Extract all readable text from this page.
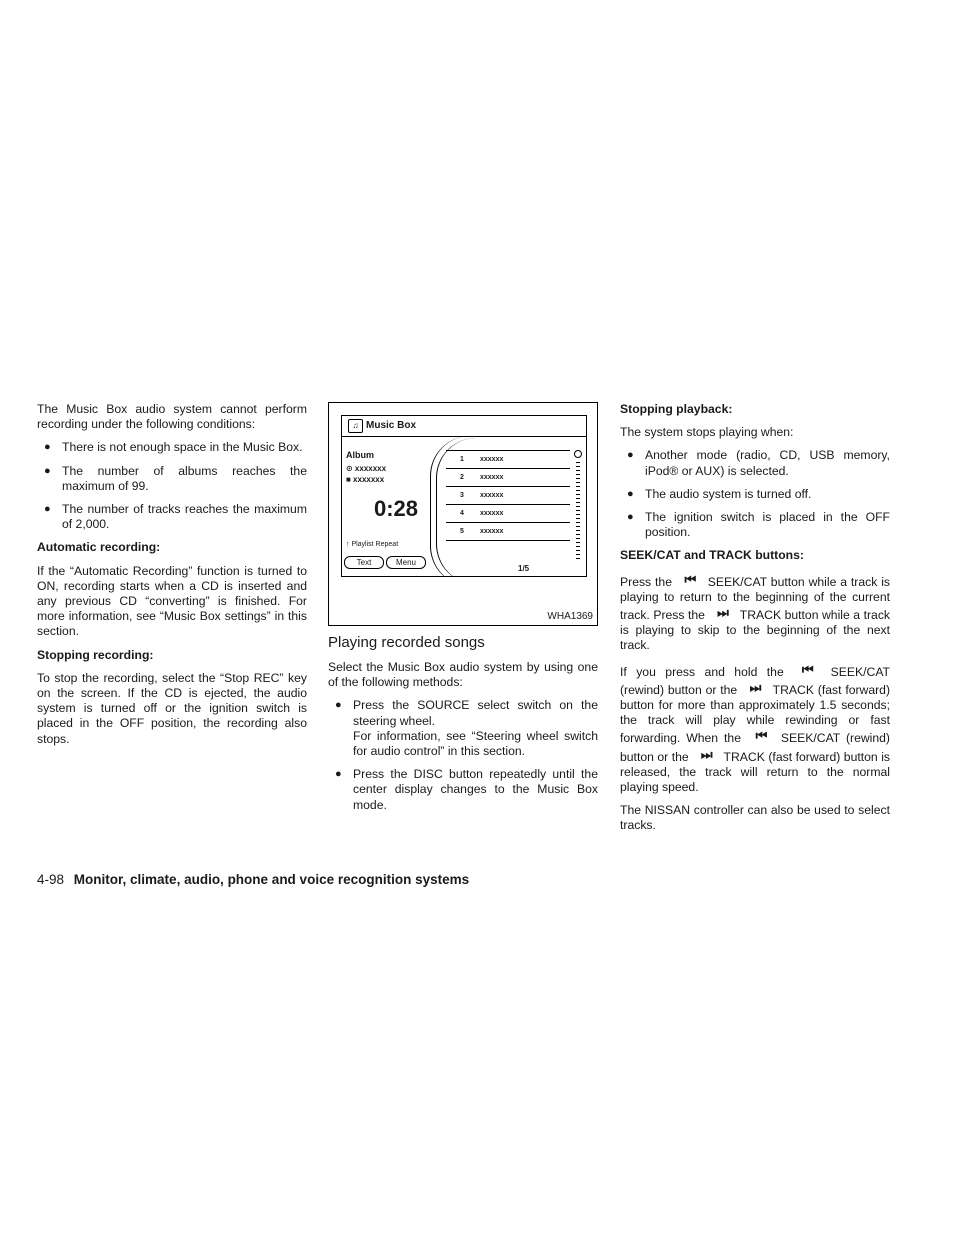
The Music Box audio system cannot perform recording under the following conditions:

● There is not enough space in the Music Box.
● The number of albums reaches the maximum of 99.
● The number of tracks reaches the maximum of 2,000.
Automatic recording:

If the “Automatic Recording” function is turned to ON, recording starts when a CD is inserted and any previous CD “converting” is finished. For more information, see “Music Box settings” in this section.

Stopping recording:

To stop the recording, select the “Stop REC” key on the screen. If the CD is ejected, the audio system is turned off or the ignition switch is placed in the OFF position, the recording also stops.

♫ Music Box
Album
⊙ xxxxxxx
■ xxxxxxx
0:28
↑ Playlist Repeat
Text	Menu
1 xxxxxx
2 xxxxxx
3 xxxxxx
4 xxxxxx
5 xxxxxx
1/5
WHA1369
Playing recorded songs

Select the Music Box audio system by using one of the following methods:

● Press the SOURCE select switch on the steering wheel.
For information, see “Steering wheel switch for audio control” in this section.
● Press the DISC button repeatedly until the center display changes to the Music Box mode.
Stopping playback:

The system stops playing when:

● Another mode (radio, CD, USB memory, iPod® or AUX) is selected.
● The audio system is turned off.
● The ignition switch is placed in the OFF position.
SEEK/CAT and TRACK buttons:

Press the ⏮ SEEK/CAT button while a track is playing to return to the beginning of the current track. Press the ⏭ TRACK button while a track is playing to skip to the beginning of the next track.

If you press and hold the ⏮ SEEK/CAT (rewind) button or the ⏭ TRACK (fast forward) button for more than approximately 1.5 seconds; the track will play while rewinding or fast forwarding. When the ⏮ SEEK/CAT (rewind) button or the ⏭ TRACK (fast forward) button is released, the track will return to the normal playing speed.

The NISSAN controller can also be used to select tracks.

4-98 Monitor, climate, audio, phone and voice recognition systems
